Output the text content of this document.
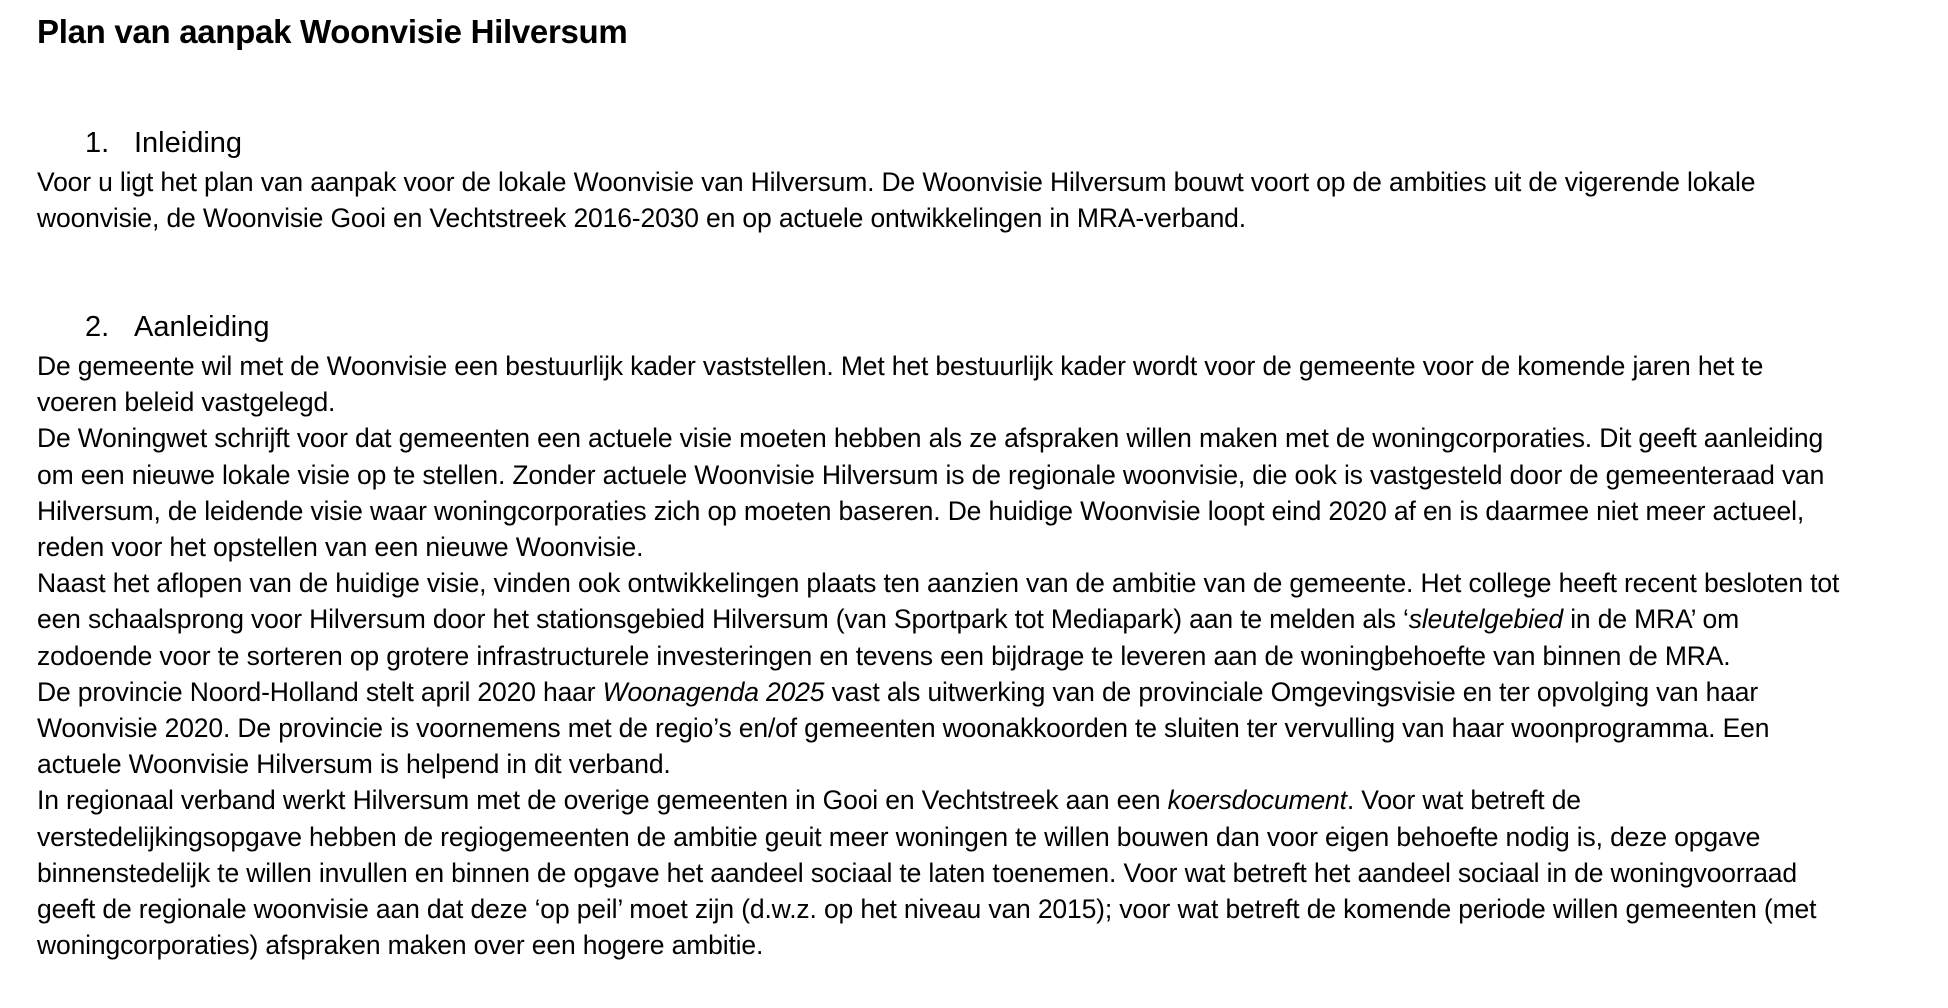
Plan van aanpak Woonvisie Hilversum
1. Inleiding

Voor u ligt het plan van aanpak voor de lokale Woonvisie van Hilversum. De Woonvisie Hilversum bouwt voort op de ambities uit de vigerende lokale
woonvisie, de Woonvisie Gooi en Vechtstreek 2016-2030 en op actuele ontwikkelingen in MRA-verband.

2. Aanleiding

De gemeente wil met de Woonvisie een bestuurlijk kader vaststellen. Met het bestuurlijk kader wordt voor de gemeente voor de komende jaren het te
voeren beleid vastgelegd.

De Woningwet schrijft voor dat gemeenten een actuele visie moeten hebben als ze afspraken willen maken met de woningcorporaties. Dit geeft aanleiding
om een nieuwe lokale visie op te stellen. Zonder actuele Woonvisie Hilversum is de regionale woonvisie, die ook is vastgesteld door de gemeenteraad van
Hilversum, de leidende visie waar woningcorporaties zich op moeten baseren. De huidige Woonvisie loopt eind 2020 af en is daarmee niet meer actueel,
reden voor het opstellen van een nieuwe Woonvisie.

Naast het aflopen van de huidige visie, vinden ook ontwikkelingen plaats ten aanzien van de ambitie van de gemeente. Het college heeft recent besloten tot
een schaalsprong voor Hilversum door het stationsgebied Hilversum (van Sportpark tot Mediapark) aan te melden als ‘sleutelgebied in de MRA’ om
zodoende voor te sorteren op grotere infrastructurele investeringen en tevens een bijdrage te leveren aan de woningbehoefte van binnen de MRA.

De provincie Noord-Holland stelt april 2020 haar Woonagenda 2025 vast als uitwerking van de provinciale Omgevingsvisie en ter opvolging van haar
Woonvisie 2020. De provincie is voornemens met de regio’s en/of gemeenten woonakkoorden te sluiten ter vervulling van haar woonprogramma. Een
actuele Woonvisie Hilversum is helpend in dit verband.

In regionaal verband werkt Hilversum met de overige gemeenten in Gooi en Vechtstreek aan een koersdocument. Voor wat betreft de
verstedelijkingsopgave hebben de regiogemeenten de ambitie geuit meer woningen te willen bouwen dan voor eigen behoefte nodig is, deze opgave
binnenstedelijk te willen invullen en binnen de opgave het aandeel sociaal te laten toenemen. Voor wat betreft het aandeel sociaal in de woningvoorraad
geeft de regionale woonvisie aan dat deze ‘op peil’ moet zijn (d.w.z. op het niveau van 2015); voor wat betreft de komende periode willen gemeenten (met
woningcorporaties) afspraken maken over een hogere ambitie.
